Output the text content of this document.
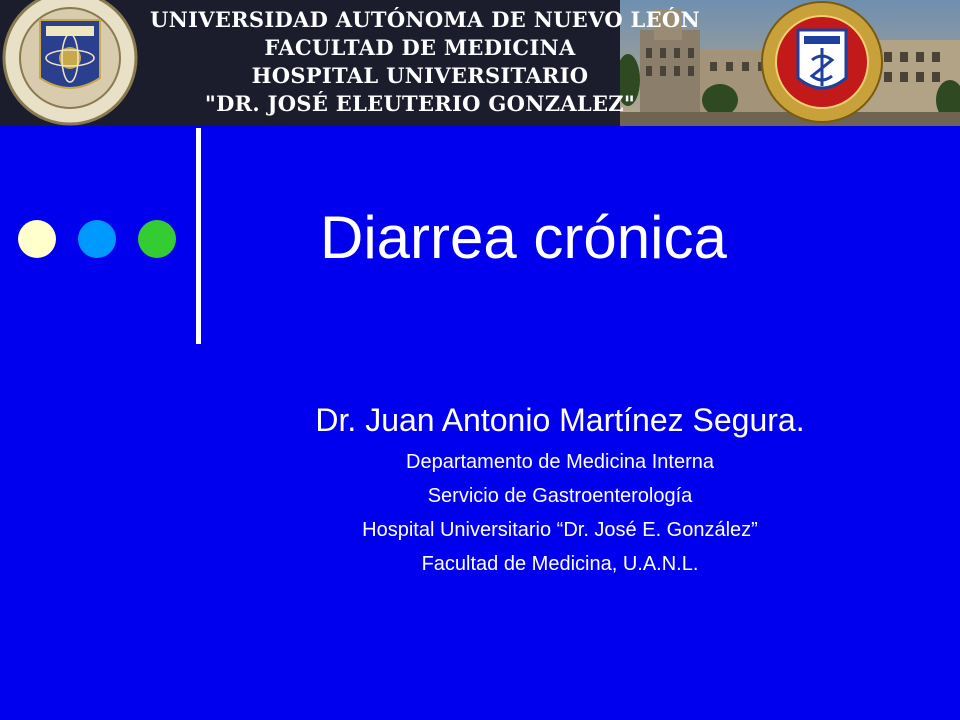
UNIVERSIDAD AUTÓNOMA DE NUEVO LEÓN
FACULTAD DE MEDICINA
HOSPITAL UNIVERSITARIO
"DR. JOSÉ ELEUTERIO GONZALEZ"
Diarrea crónica
Dr. Juan Antonio Martínez Segura.
Departamento de Medicina Interna
Servicio de Gastroenterología
Hospital Universitario “Dr. José E. González”
Facultad de Medicina, U.A.N.L.
